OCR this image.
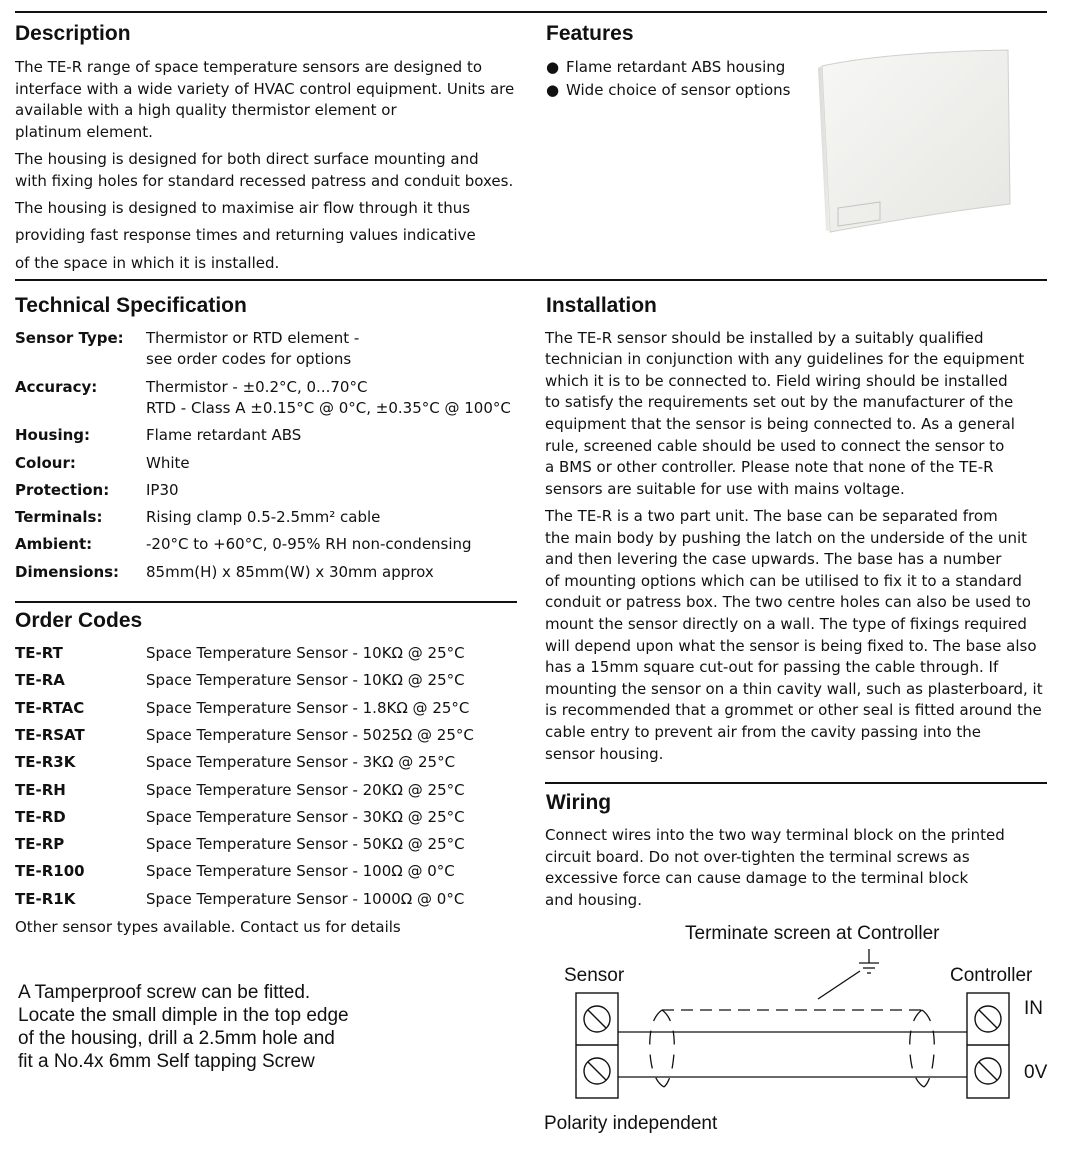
Description
The TE-R range of space temperature sensors are designed to
interface with a wide variety of HVAC control equipment. Units are
available with a high quality thermistor element or
platinum element.
The housing is designed for both direct surface mounting and
with fixing holes for standard recessed patress and conduit boxes.
The housing is designed to maximise air flow through it thus
providing fast response times and returning values indicative
of the space in which it is installed.
Features
● Flame retardant ABS housing
● Wide choice of sensor options
Technical Specification
Sensor Type: Thermistor or RTD element -
see order codes for options
Accuracy:	Thermistor - ±0.2°C, 0...70°C
RTD - Class A ±0.15°C @ 0°C, ±0.35°C @ 100°C
Housing:	Flame retardant ABS
Colour:	White
Protection: IP30
Terminals:	Rising clamp 0.5-2.5mm² cable
Ambient:	-20°C to +60°C, 0-95% RH non-condensing
Dimensions: 85mm(H) x 85mm(W) x 30mm approx
Order Codes
TE-RT	Space Temperature Sensor - 10KΩ @ 25°C
TE-RA	Space Temperature Sensor - 10KΩ @ 25°C
TE-RTAC	Space Temperature Sensor - 1.8KΩ @ 25°C
TE-RSAT	Space Temperature Sensor - 5025Ω @ 25°C
TE-R3K	Space Temperature Sensor - 3KΩ @ 25°C
TE-RH	Space Temperature Sensor - 20KΩ @ 25°C
TE-RD	Space Temperature Sensor - 30KΩ @ 25°C
TE-RP	Space Temperature Sensor - 50KΩ @ 25°C
TE-R100	Space Temperature Sensor - 100Ω @ 0°C
TE-R1K	Space Temperature Sensor - 1000Ω @ 0°C
Other sensor types available. Contact us for details
A Tamperproof screw can be fitted.
Locate the small dimple in the top edge
of the housing, drill a 2.5mm hole and
fit a No.4x 6mm Self tapping Screw
Installation
The TE-R sensor should be installed by a suitably qualified
technician in conjunction with any guidelines for the equipment
which it is to be connected to. Field wiring should be installed
to satisfy the requirements set out by the manufacturer of the
equipment that the sensor is being connected to. As a general
rule, screened cable should be used to connect the sensor to
a BMS or other controller. Please note that none of the TE-R
sensors are suitable for use with mains voltage.
The TE-R is a two part unit. The base can be separated from
the main body by pushing the latch on the underside of the unit
and then levering the case upwards. The base has a number
of mounting options which can be utilised to fix it to a standard
conduit or patress box. The two centre holes can also be used to
mount the sensor directly on a wall. The type of fixings required
will depend upon what the sensor is being fixed to. The base also
has a 15mm square cut-out for passing the cable through. If
mounting the sensor on a thin cavity wall, such as plasterboard, it
is recommended that a grommet or other seal is fitted around the
cable entry to prevent air from the cavity passing into the
sensor housing.
Wiring
Connect wires into the two way terminal block on the printed
circuit board. Do not over-tighten the terminal screws as
excessive force can cause damage to the terminal block
and housing.
Terminate screen at Controller
Sensor	Controller
IN
0V
Polarity independent
